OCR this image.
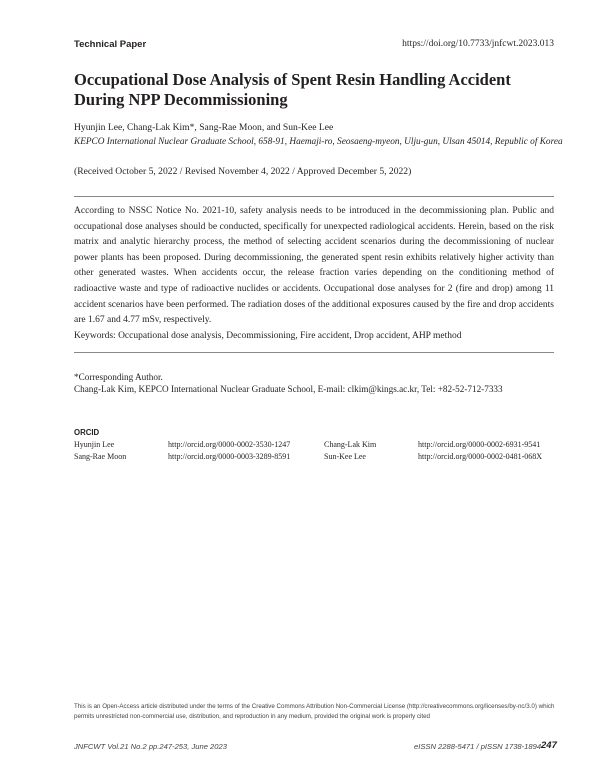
Technical Paper	https://doi.org/10.7733/jnfcwt.2023.013
Occupational Dose Analysis of Spent Resin Handling Accident During NPP Decommissioning
Hyunjin Lee, Chang-Lak Kim*, Sang-Rae Moon, and Sun-Kee Lee
KEPCO International Nuclear Graduate School, 658-91, Haemaji-ro, Seosaeng-myeon, Ulju-gun, Ulsan 45014, Republic of Korea
(Received October 5, 2022 / Revised November 4, 2022 / Approved December 5, 2022)

According to NSSC Notice No. 2021-10, safety analysis needs to be introduced in the decommissioning plan. Public and occupational dose analyses should be conducted, specifically for unexpected radiological accidents. Herein, based on the risk matrix and analytic hierarchy process, the method of selecting accident scenarios during the decommissioning of nuclear power plants has been proposed. During decommissioning, the generated spent resin exhibits relatively higher activity than other generated wastes. When accidents occur, the release fraction varies depending on the conditioning method of radioactive waste and type of radioactive nuclides or accidents. Occupational dose analyses for 2 (fire and drop) among 11 accident scenarios have been performed. The radiation doses of the additional exposures caused by the fire and drop accidents are 1.67 and 4.77 mSv, respectively.

Keywords: Occupational dose analysis, Decommissioning, Fire accident, Drop accident, AHP method
*Corresponding Author.
Chang-Lak Kim, KEPCO International Nuclear Graduate School, E-mail: clkim@kings.ac.kr, Tel: +82-52-712-7333
ORCID
Hyunjin Lee	http://orcid.org/0000-0002-3530-1247	Chang-Lak Kim	http://orcid.org/0000-0002-6931-9541
Sang-Rae Moon	http://orcid.org/0000-0003-3289-8591	Sun-Kee Lee	http://orcid.org/0000-0002-0481-068X

This is an Open-Access article distributed under the terms of the Creative Commons Attribution Non-Commercial License (http://creativecommons.org/licenses/by-nc/3.0) which permits unrestricted non-commercial use, distribution, and reproduction in any medium, provided the original work is properly cited

JNFCWT Vol.21 No.2 pp.247-253, June 2023	eISSN 2288-5471 / pISSN 1738-1894 247
